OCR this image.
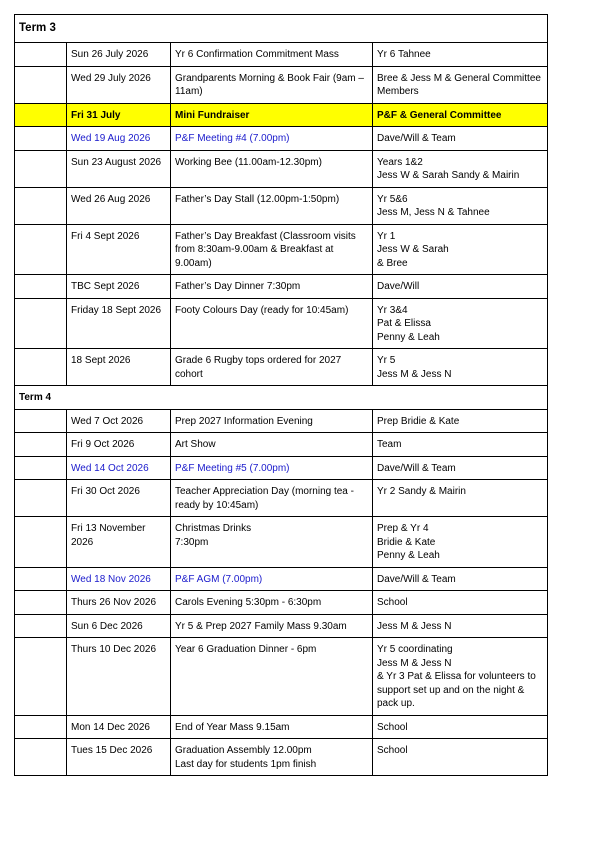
Term 3			
	Sun 26 July 2026	Yr 6 Confirmation Commitment Mass	Yr 6 Tahnee
	Wed 29 July 2026	Grandparents Morning & Book Fair (9am –
11am)	Bree & Jess M & General Committee
Members
	Fri 31 July	Mini Fundraiser	P&F & General Committee
	Wed 19 Aug 2026	P&F Meeting #4 (7.00pm)	Dave/Will & Team
	Sun 23 August 2026	Working Bee (11.00am-12.30pm)	Years 1&2
Jess W & Sarah Sandy & Mairin
	Wed 26 Aug 2026	Father’s Day Stall (12.00pm-1:50pm)	Yr 5&6
Jess M, Jess N & Tahnee
	Fri 4 Sept 2026	Father’s Day Breakfast (Classroom visits
from 8:30am-9.00am & Breakfast at
9.00am)	Yr 1
Jess W & Sarah
& Bree
	TBC Sept 2026	Father’s Day Dinner 7:30pm	Dave/Will
	Friday 18 Sept 2026	Footy Colours Day (ready for 10:45am)	Yr 3&4
Pat & Elissa
Penny & Leah
	18 Sept 2026	Grade 6 Rugby tops ordered for 2027
cohort	Yr 5
Jess M & Jess N
Term 4			
	Wed 7 Oct 2026	Prep 2027 Information Evening	Prep Bridie & Kate
	Fri 9 Oct 2026	Art Show	Team
	Wed 14 Oct 2026	P&F Meeting #5 (7.00pm)	Dave/Will & Team
	Fri 30 Oct 2026	Teacher Appreciation Day (morning tea -
ready by 10:45am)	Yr 2 Sandy & Mairin
	Fri 13 November
2026	Christmas Drinks
7:30pm	Prep & Yr 4
Bridie & Kate
Penny & Leah
	Wed 18 Nov 2026	P&F AGM (7.00pm)	Dave/Will & Team
	Thurs 26 Nov 2026	Carols Evening 5:30pm - 6:30pm	School
	Sun 6 Dec 2026	Yr 5 & Prep 2027 Family Mass 9.30am	Jess M & Jess N
	Thurs 10 Dec 2026	Year 6 Graduation Dinner - 6pm	Yr 5 coordinating
Jess M & Jess N
& Yr 3 Pat & Elissa for volunteers to
support set up and on the night &
pack up.
	Mon 14 Dec 2026	End of Year Mass 9.15am	School
	Tues 15 Dec 2026	Graduation Assembly 12.00pm
Last day for students 1pm finish	School
